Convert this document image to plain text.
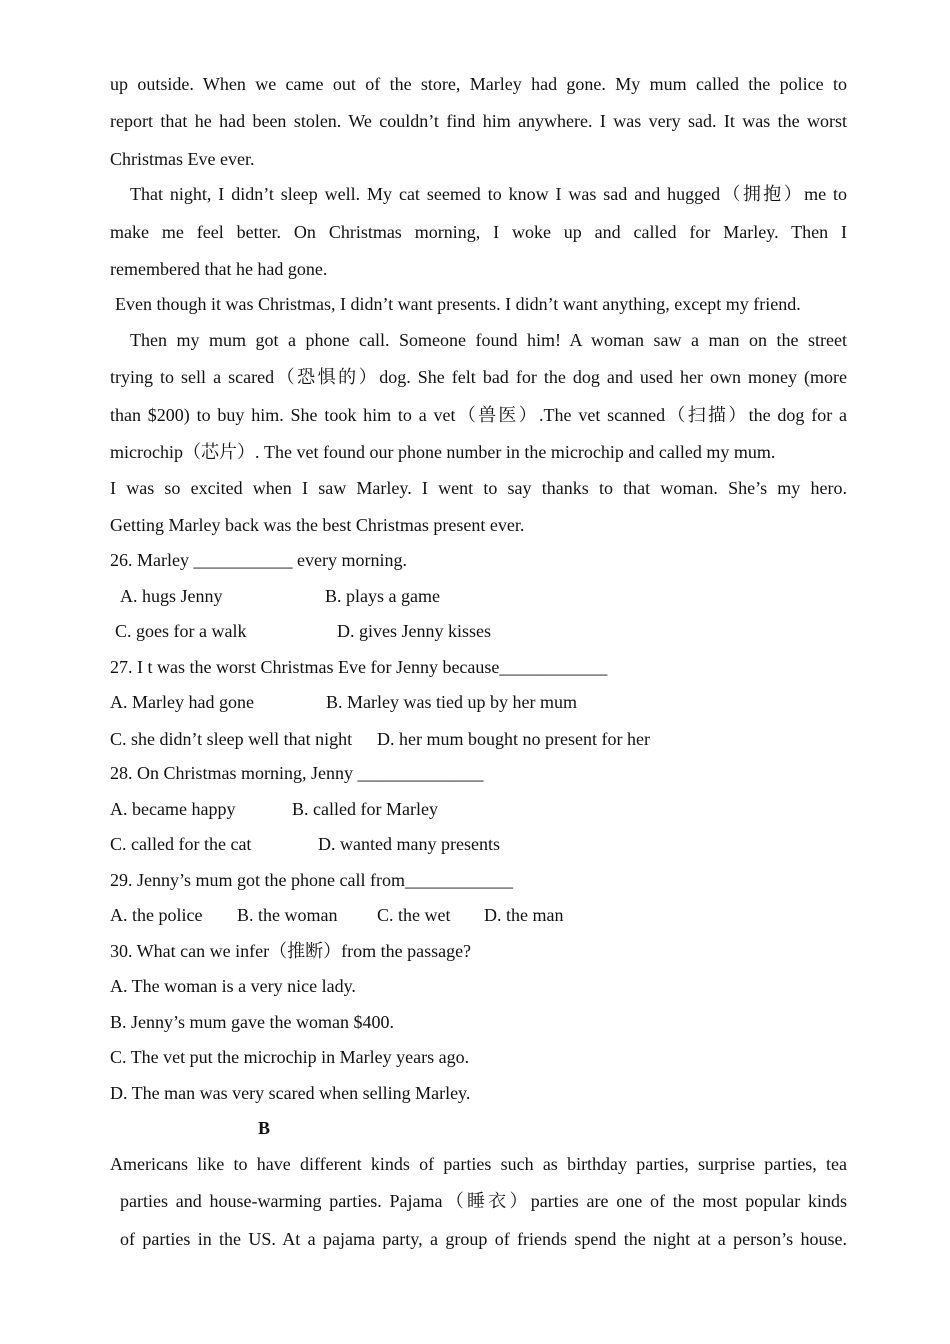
up outside. When we came out of the store, Marley had gone. My mum called the police to
report that he had been stolen. We couldn’t find him anywhere. I was very sad. It was the worst
Christmas Eve ever.
That night, I didn’t sleep well. My cat seemed to know I was sad and hugged（拥抱）me to
make me feel better. On Christmas morning, I woke up and called for Marley. Then I
remembered that he had gone.
Even though it was Christmas, I didn’t want presents. I didn’t want anything, except my friend.
Then my mum got a phone call. Someone found him! A woman saw a man on the street
trying to sell a scared（恐惧的）dog. She felt bad for the dog and used her own money (more
than $200) to buy him. She took him to a vet（兽医）.The vet scanned（扫描）the dog for a
microchip（芯片）. The vet found our phone number in the microchip and called my mum.
I was so excited when I saw Marley. I went to say thanks to that woman. She’s my hero.
Getting Marley back was the best Christmas present ever.
26. Marley ___________ every morning.
A. hugs Jenny	B. plays a game
C. goes for a walk	D. gives Jenny kisses
27. I t was the worst Christmas Eve for Jenny because____________
A. Marley had gone	B. Marley was tied up by her mum
C. she didn’t sleep well that night D. her mum bought no present for her
28. On Christmas morning, Jenny ______________
A. became happy	B. called for Marley
C. called for the cat	D. wanted many presents
29. Jenny’s mum got the phone call from____________
A. the police B. the woman C. the wet D. the man
30. What can we infer（推断）from the passage?
A. The woman is a very nice lady.
B. Jenny’s mum gave the woman $400.
C. The vet put the microchip in Marley years ago.
D. The man was very scared when selling Marley.
B
Americans like to have different kinds of parties such as birthday parties, surprise parties, tea
parties and house-warming parties. Pajama（睡衣）parties are one of the most popular kinds
of parties in the US. At a pajama party, a group of friends spend the night at a person’s house.
